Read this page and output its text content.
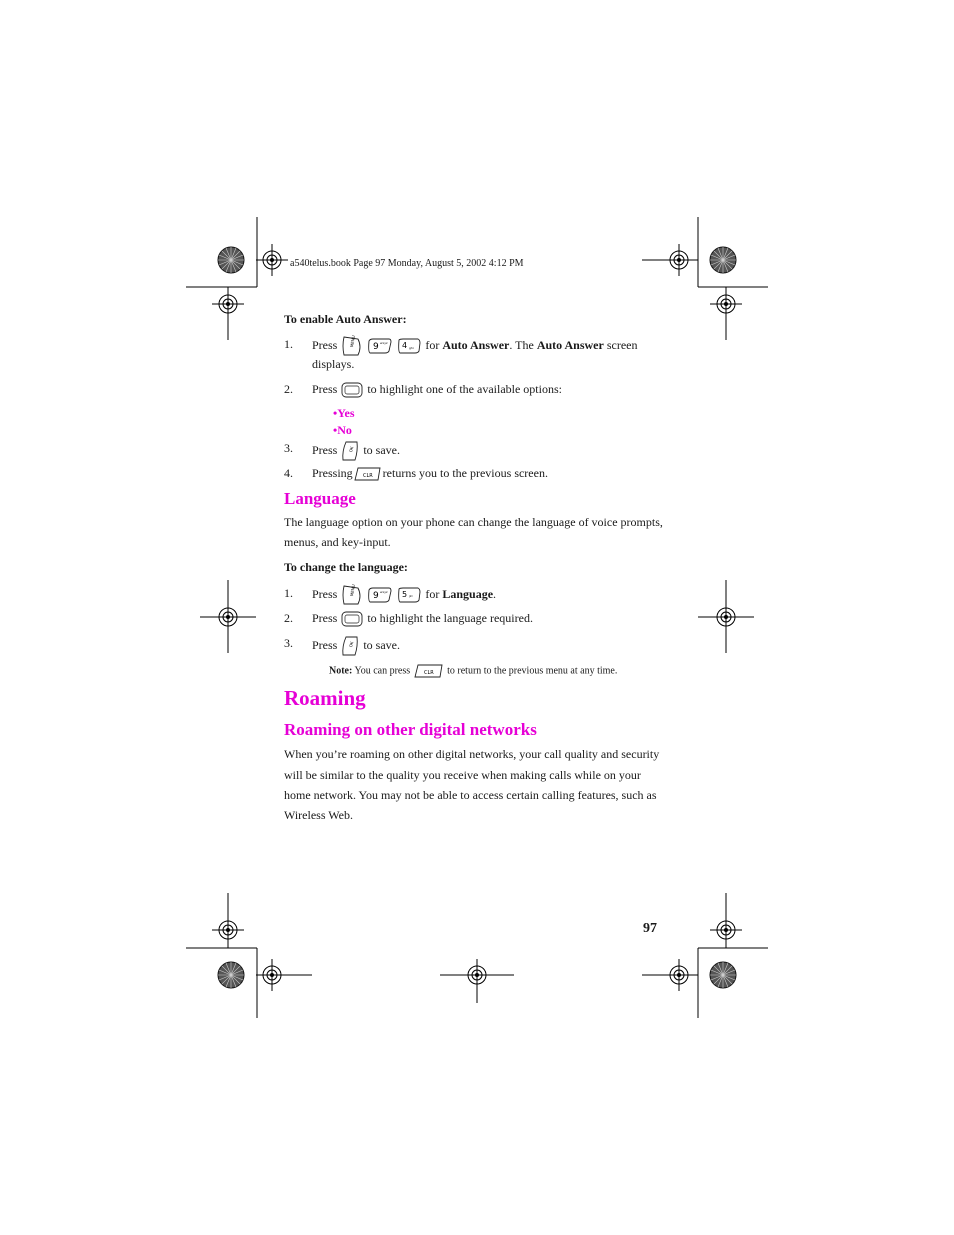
a540telus.book Page 97 Monday, August 5, 2002 4:12 PM
To enable Auto Answer:
1. Press	MENU
9 wxyz
4 ghi for Auto Answer. The Auto Answer screen
displays.
2. Press	to highlight one of the available options:
•Yes
•No
3. Press	OK to save.
4. Pressing CLR returns you to the previous screen.
Language
The language option on your phone can change the language of voice prompts,
menus, and key-input.
To change the language:
1. Press	MENU
9 wxyz
5 jkl for Language.
2. Press	to highlight the language required.
3. Press	OK to save.
Note: You can press	CLR to return to the previous menu at any time.
Roaming
Roaming on other digital networks
When you’re roaming on other digital networks, your call quality and security
will be similar to the quality you receive when making calls while on your
home network. You may not be able to access certain calling features, such as
Wireless Web.
97
